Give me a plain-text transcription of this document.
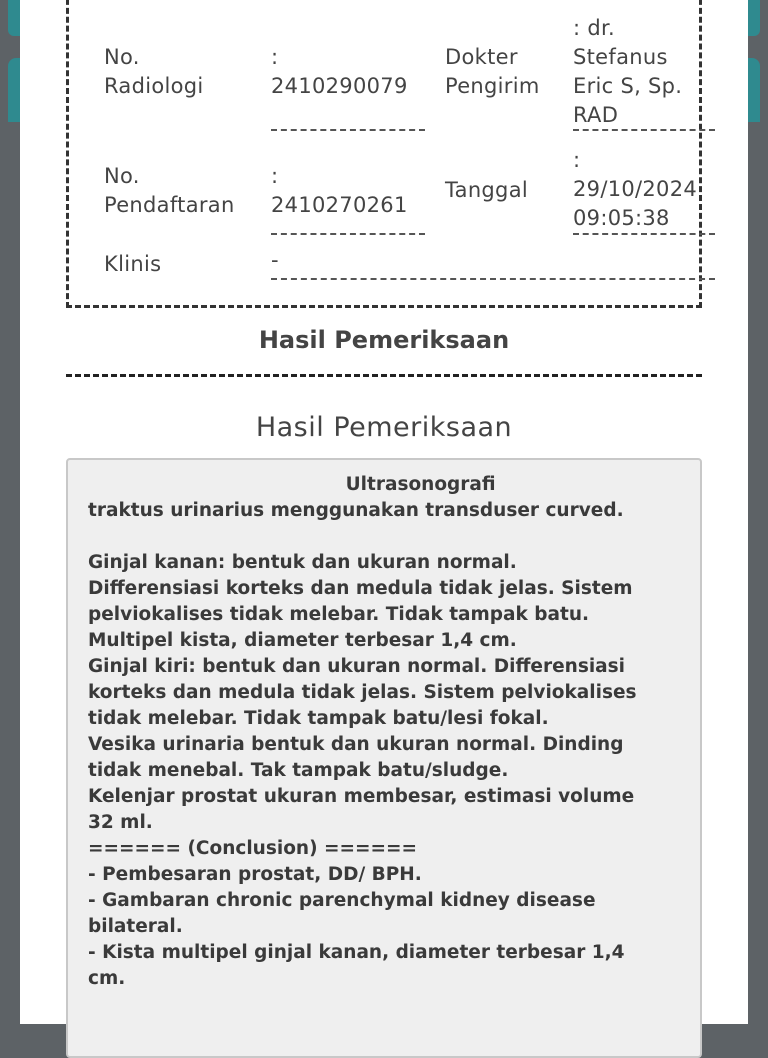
No.
Radiologi
:
2410290079
Dokter
Pengirim
: dr.
Stefanus
Eric S, Sp.
RAD
No.
Pendaftaran
:
2410270261
Tanggal
:
29/10/2024
09:05:38
Klinis	-
Hasil Pemeriksaan
Hasil Pemeriksaan
Ultrasonografi
traktus urinarius menggunakan transduser curved.

Ginjal kanan: bentuk dan ukuran normal.
Differensiasi korteks dan medula tidak jelas. Sistem
pelviokalises tidak melebar. Tidak tampak batu.
Multipel kista, diameter terbesar 1,4 cm.
Ginjal kiri: bentuk dan ukuran normal. Differensiasi
korteks dan medula tidak jelas. Sistem pelviokalises
tidak melebar. Tidak tampak batu/lesi fokal.
Vesika urinaria bentuk dan ukuran normal. Dinding
tidak menebal. Tak tampak batu/sludge.
Kelenjar prostat ukuran membesar, estimasi volume
32 ml.
====== (Conclusion) ======
- Pembesaran prostat, DD/ BPH.
- Gambaran chronic parenchymal kidney disease
bilateral.
- Kista multipel ginjal kanan, diameter terbesar 1,4
cm.
